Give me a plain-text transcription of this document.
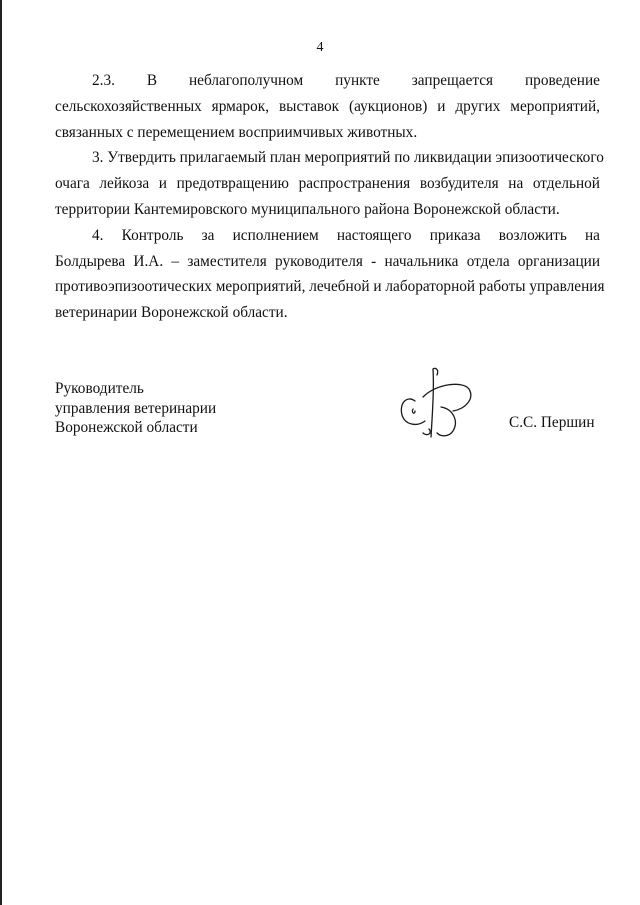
4

2.3. В неблагополучном пункте запрещается проведение
сельскохозяйственных ярмарок, выставок (аукционов) и других мероприятий,
связанных с перемещением восприимчивых животных.

3. Утвердить прилагаемый план мероприятий по ликвидации эпизоотического
очага лейкоза и предотвращению распространения возбудителя на отдельной
территории Кантемировского муниципального района Воронежской области.

4. Контроль за исполнением настоящего приказа возложить на
Болдырева И.А. – заместителя руководителя - начальника отдела организации
противоэпизоотических мероприятий, лечебной и лабораторной работы управления
ветеринарии Воронежской области.

Руководитель
управления ветеринарии
Воронежской области	С.С. Першин
